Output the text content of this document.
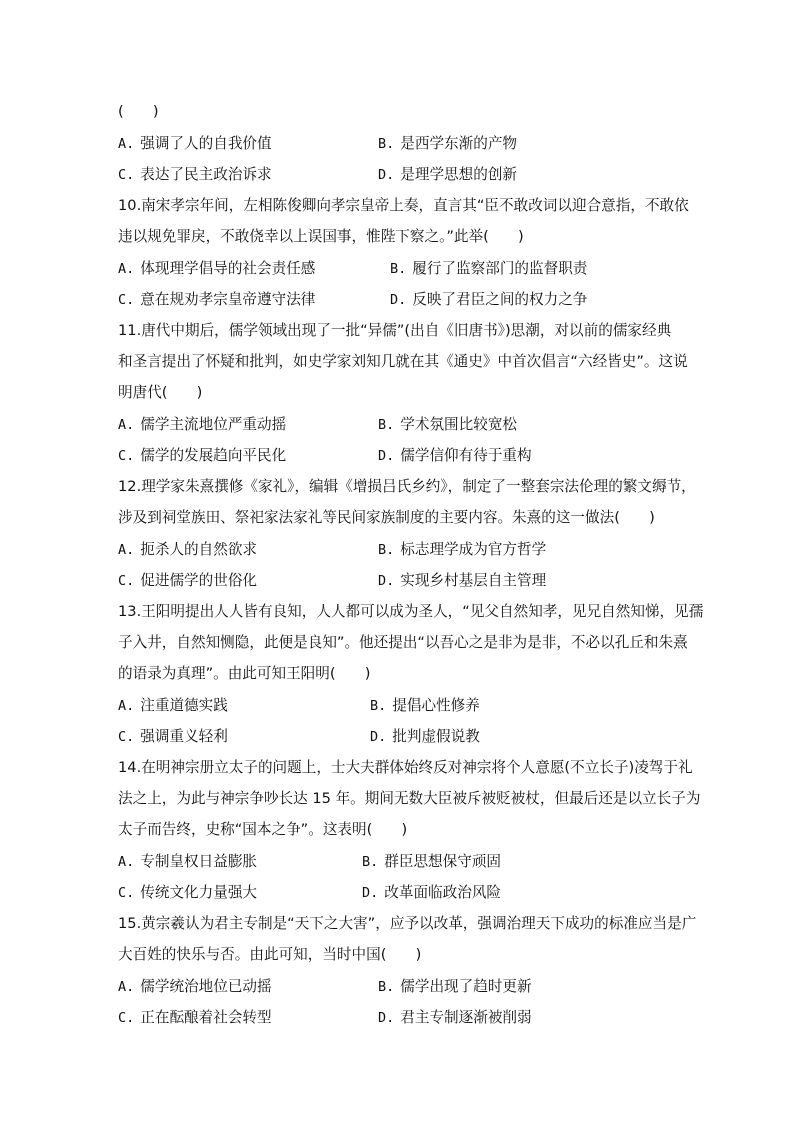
(　　)
A. 强调了人的自我价值	B. 是西学东渐的产物
C. 表达了民主政治诉求	D. 是理学思想的创新
10.南宋孝宗年间，左相陈俊卿向孝宗皇帝上奏，直言其“臣不敢改词以迎合意指，不敢依
违以规免罪戾，不敢侥幸以上误国事，惟陛下察之。”此举(　　)
A. 体现理学倡导的社会责任感	B. 履行了监察部门的监督职责
C. 意在规劝孝宗皇帝遵守法律	D. 反映了君臣之间的权力之争
11.唐代中期后，儒学领域出现了一批“异儒”(出自《旧唐书》)思潮，对以前的儒家经典
和圣言提出了怀疑和批判，如史学家刘知几就在其《通史》中首次倡言“六经皆史”。这说
明唐代(　　)
A. 儒学主流地位严重动摇	B. 学术氛围比较宽松
C. 儒学的发展趋向平民化	D. 儒学信仰有待于重构
12.理学家朱熹撰修《家礼》，编辑《增损吕氏乡约》，制定了一整套宗法伦理的繁文缛节，
涉及到祠堂族田、祭祀家法家礼等民间家族制度的主要内容。朱熹的这一做法(　　)
A. 扼杀人的自然欲求	B. 标志理学成为官方哲学
C. 促进儒学的世俗化	D. 实现乡村基层自主管理
13.王阳明提出人人皆有良知，人人都可以成为圣人，“见父自然知孝，见兄自然知悌，见孺
子入井，自然知恻隐，此便是良知”。他还提出“以吾心之是非为是非，不必以孔丘和朱熹
的语录为真理”。由此可知王阳明(　　)
A. 注重道德实践	B. 提倡心性修养
C. 强调重义轻利	D. 批判虚假说教
14.在明神宗册立太子的问题上，士大夫群体始终反对神宗将个人意愿(不立长子)凌驾于礼
法之上，为此与神宗争吵长达 15 年。期间无数大臣被斥被贬被杖，但最后还是以立长子为
太子而告终，史称“国本之争”。这表明(　　)
A. 专制皇权日益膨胀	B. 群臣思想保守顽固
C. 传统文化力量强大	D. 改革面临政治风险
15.黄宗羲认为君主专制是“天下之大害”，应予以改革，强调治理天下成功的标准应当是广
大百姓的快乐与否。由此可知，当时中国(　　)
A. 儒学统治地位已动摇	B. 儒学出现了趋时更新
C. 正在酝酿着社会转型	D. 君主专制逐渐被削弱
